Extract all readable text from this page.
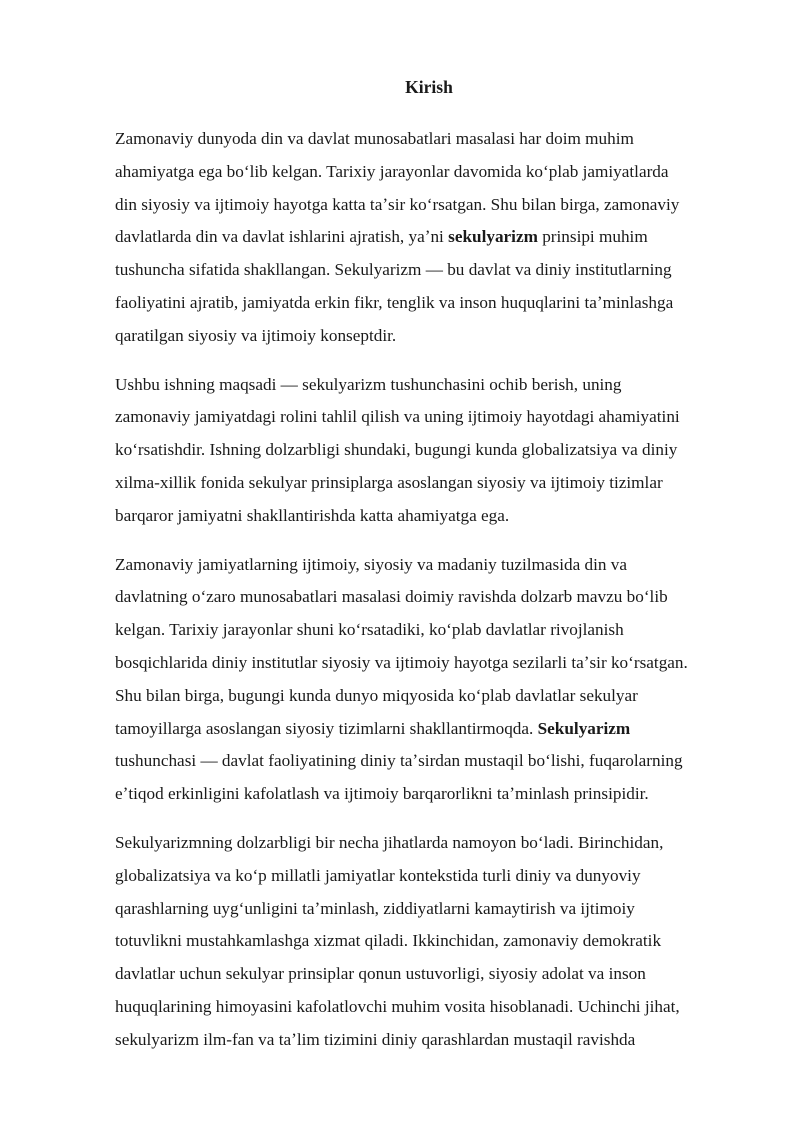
Kirish

Zamonaviy dunyoda din va davlat munosabatlari masalasi har doim muhim
ahamiyatga ega boʻlib kelgan. Tarixiy jarayonlar davomida koʻplab jamiyatlarda
din siyosiy va ijtimoiy hayotga katta taʼsir koʻrsatgan. Shu bilan birga, zamonaviy
davlatlarda din va davlat ishlarini ajratish, yaʼni sekulyarizm prinsipi muhim
tushuncha sifatida shakllangan. Sekulyarizm — bu davlat va diniy institutlarning
faoliyatini ajratib, jamiyatda erkin fikr, tenglik va inson huquqlarini taʼminlashga
qaratilgan siyosiy va ijtimoiy konseptdir.

Ushbu ishning maqsadi — sekulyarizm tushunchasini ochib berish, uning
zamonaviy jamiyatdagi rolini tahlil qilish va uning ijtimoiy hayotdagi ahamiyatini
koʻrsatishdir. Ishning dolzarbligi shundaki, bugungi kunda globalizatsiya va diniy
xilma-xillik fonida sekulyar prinsiplarga asoslangan siyosiy va ijtimoiy tizimlar
barqaror jamiyatni shakllantirishda katta ahamiyatga ega.

Zamonaviy jamiyatlarning ijtimoiy, siyosiy va madaniy tuzilmasida din va
davlatning oʻzaro munosabatlari masalasi doimiy ravishda dolzarb mavzu boʻlib
kelgan. Tarixiy jarayonlar shuni koʻrsatadiki, koʻplab davlatlar rivojlanish
bosqichlarida diniy institutlar siyosiy va ijtimoiy hayotga sezilarli taʼsir koʻrsatgan.
Shu bilan birga, bugungi kunda dunyo miqyosida koʻplab davlatlar sekulyar
tamoyillarga asoslangan siyosiy tizimlarni shakllantirmoqda. Sekulyarizm
tushunchasi — davlat faoliyatining diniy taʼsirdan mustaqil boʻlishi, fuqarolarning
eʼtiqod erkinligini kafolatlash va ijtimoiy barqarorlikni taʼminlash prinsipidir.

Sekulyarizmning dolzarbligi bir necha jihatlarda namoyon boʻladi. Birinchidan,
globalizatsiya va koʻp millatli jamiyatlar kontekstida turli diniy va dunyoviy
qarashlarning uygʻunligini taʼminlash, ziddiyatlarni kamaytirish va ijtimoiy
totuvlikni mustahkamlashga xizmat qiladi. Ikkinchidan, zamonaviy demokratik
davlatlar uchun sekulyar prinsiplar qonun ustuvorligi, siyosiy adolat va inson
huquqlarining himoyasini kafolatlovchi muhim vosita hisoblanadi. Uchinchi jihat,
sekulyarizm ilm-fan va taʼlim tizimini diniy qarashlardan mustaqil ravishda
